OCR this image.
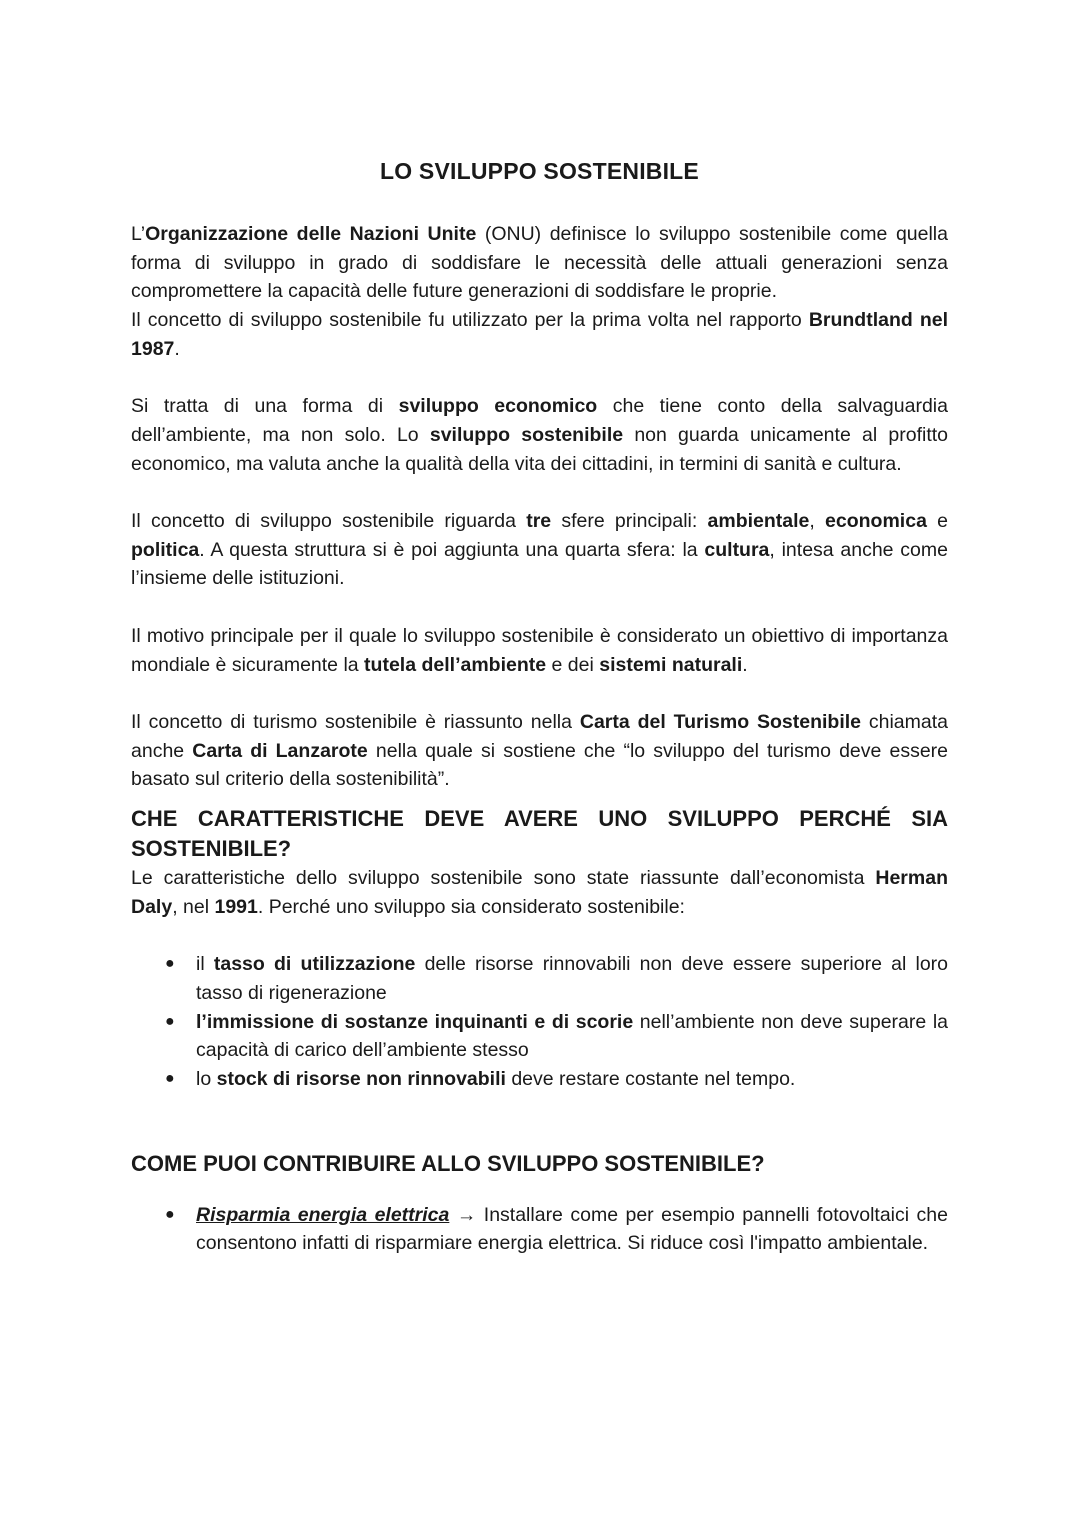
LO SVILUPPO SOSTENIBILE

L’Organizzazione delle Nazioni Unite (ONU) definisce lo sviluppo sostenibile come quella forma di sviluppo in grado di soddisfare le necessità delle attuali generazioni senza compromettere la capacità delle future generazioni di soddisfare le proprie.

Il concetto di sviluppo sostenibile fu utilizzato per la prima volta nel rapporto Brundtland nel 1987.

Si tratta di una forma di sviluppo economico che tiene conto della salvaguardia dell’ambiente, ma non solo. Lo sviluppo sostenibile non guarda unicamente al profitto economico, ma valuta anche la qualità della vita dei cittadini, in termini di sanità e cultura.

Il concetto di sviluppo sostenibile riguarda tre sfere principali: ambientale, economica e politica. A questa struttura si è poi aggiunta una quarta sfera: la cultura, intesa anche come l’insieme delle istituzioni.

Il motivo principale per il quale lo sviluppo sostenibile è considerato un obiettivo di importanza mondiale è sicuramente la tutela dell’ambiente e dei sistemi naturali.

Il concetto di turismo sostenibile è riassunto nella Carta del Turismo Sostenibile chiamata anche Carta di Lanzarote nella quale si sostiene che “lo sviluppo del turismo deve essere basato sul criterio della sostenibilità”.

CHE CARATTERISTICHE DEVE AVERE UNO SVILUPPO PERCHÉ SIA SOSTENIBILE?

Le caratteristiche dello sviluppo sostenibile sono state riassunte dall’economista Herman Daly, nel 1991. Perché uno sviluppo sia considerato sostenibile:

● il tasso di utilizzazione delle risorse rinnovabili non deve essere superiore al loro tasso di rigenerazione
● l’immissione di sostanze inquinanti e di scorie nell’ambiente non deve superare la capacità di carico dell’ambiente stesso
● lo stock di risorse non rinnovabili deve restare costante nel tempo.
COME PUOI CONTRIBUIRE ALLO SVILUPPO SOSTENIBILE?
● Risparmia energia elettrica → Installare come per esempio pannelli fotovoltaici che consentono infatti di risparmiare energia elettrica. Si riduce così l'impatto ambientale.
